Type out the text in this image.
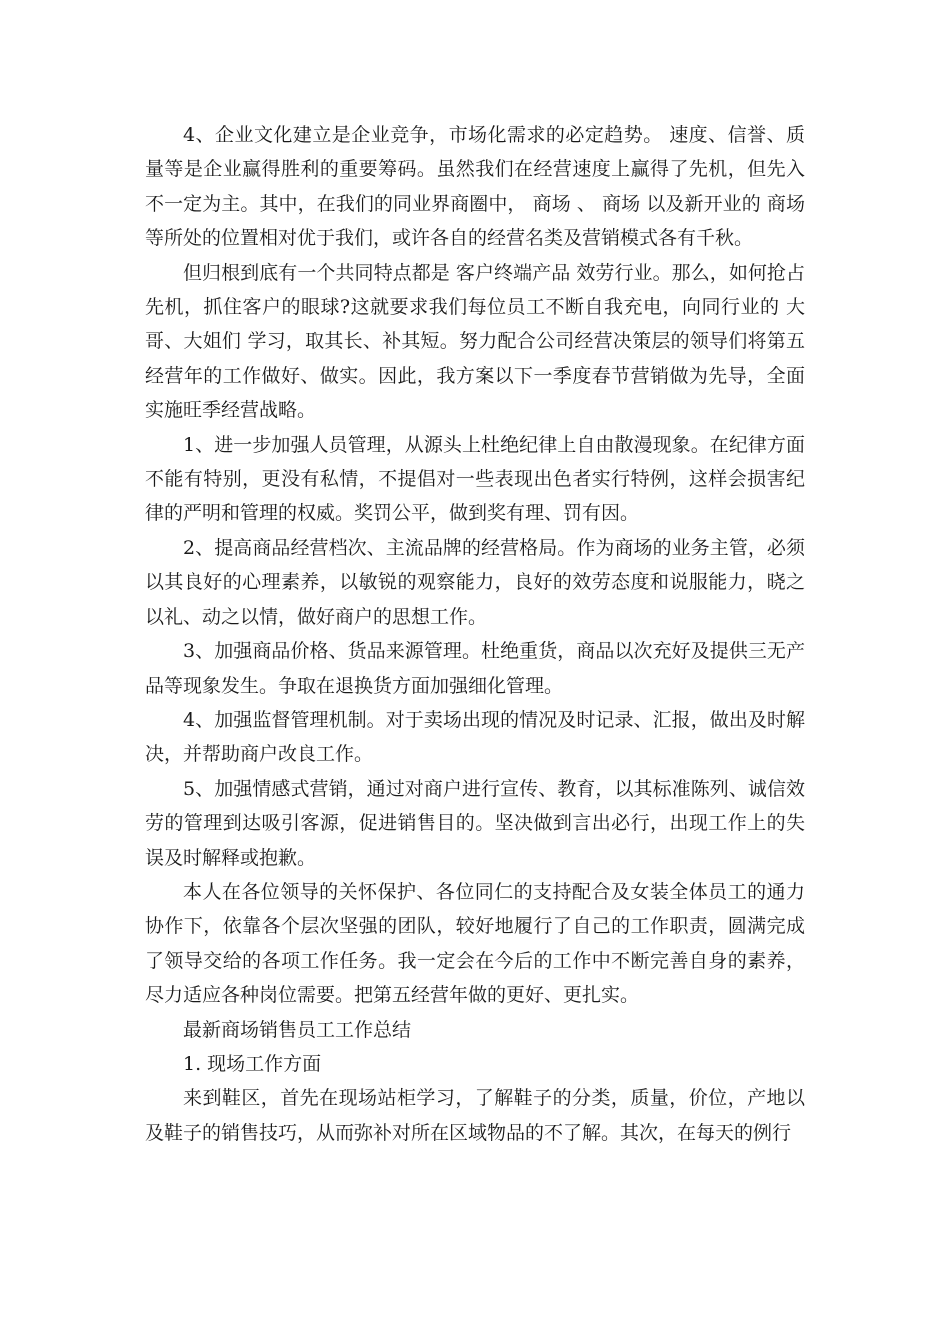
4、企业文化建立是企业竞争，市场化需求的必定趋势。 速度、信誉、质量等是企业赢得胜利的重要筹码。虽然我们在经营速度上赢得了先机，但先入不一定为主。其中，在我们的同业界商圈中， 商场 、 商场 以及新开业的 商场 等所处的位置相对优于我们，或许各自的经营名类及营销模式各有千秋。

但归根到底有一个共同特点都是 客户终端产品 效劳行业。那么，如何抢占先机，抓住客户的眼球?这就要求我们每位员工不断自我充电，向同行业的 大哥、大姐们 学习，取其长、补其短。努力配合公司经营决策层的领导们将第五经营年的工作做好、做实。因此，我方案以下一季度春节营销做为先导，全面实施旺季经营战略。

1、进一步加强人员管理，从源头上杜绝纪律上自由散漫现象。在纪律方面不能有特别，更没有私情，不提倡对一些表现出色者实行特例，这样会损害纪律的严明和管理的权威。奖罚公平，做到奖有理、罚有因。

2、提高商品经营档次、主流品牌的经营格局。作为商场的业务主管，必须以其良好的心理素养，以敏锐的观察能力，良好的效劳态度和说服能力，晓之以礼、动之以情，做好商户的思想工作。

3、加强商品价格、货品来源管理。杜绝重货，商品以次充好及提供三无产品等现象发生。争取在退换货方面加强细化管理。

4、加强监督管理机制。对于卖场出现的情况及时记录、汇报，做出及时解决，并帮助商户改良工作。

5、加强情感式营销，通过对商户进行宣传、教育，以其标准陈列、诚信效劳的管理到达吸引客源，促进销售目的。坚决做到言出必行，出现工作上的失误及时解释或抱歉。

本人在各位领导的关怀保护、各位同仁的支持配合及女装全体员工的通力协作下，依靠各个层次坚强的团队，较好地履行了自己的工作职责，圆满完成了领导交给的各项工作任务。我一定会在今后的工作中不断完善自身的素养，尽力适应各种岗位需要。把第五经营年做的更好、更扎实。

最新商场销售员工工作总结

1. 现场工作方面

来到鞋区，首先在现场站柜学习，了解鞋子的分类，质量，价位，产地以及鞋子的销售技巧，从而弥补对所在区域物品的不了解。其次，在每天的例行
